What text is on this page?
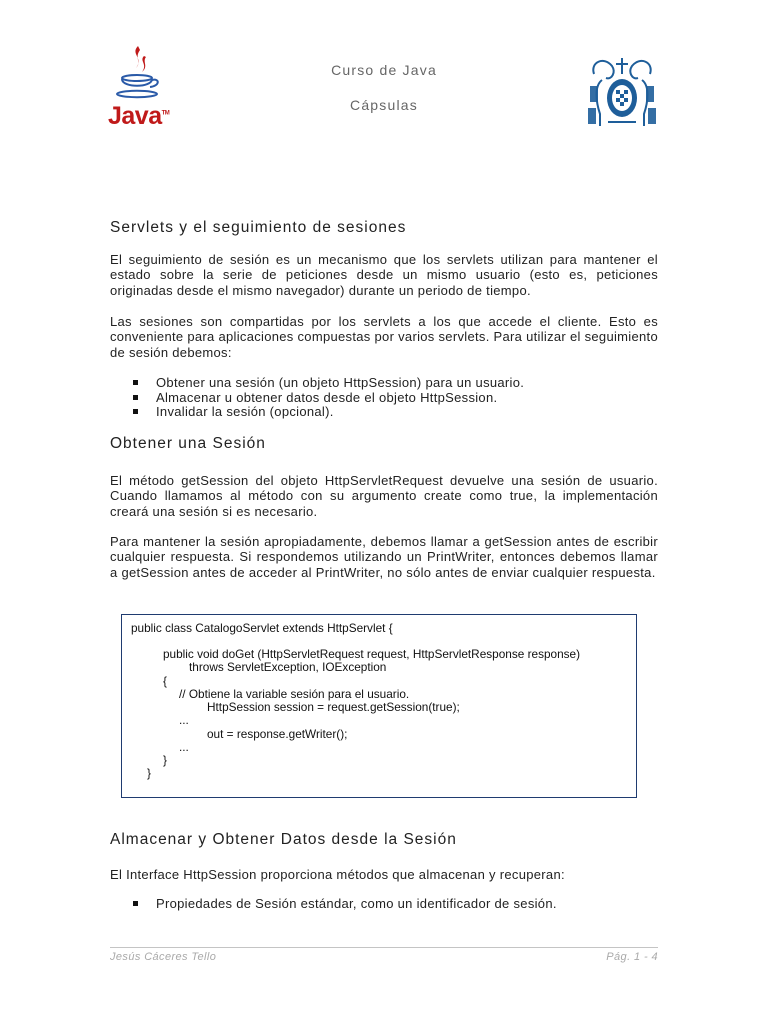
Java™
Curso de Java
Cápsulas
Servlets y el seguimiento de sesiones

El seguimiento de sesión es un mecanismo que los servlets utilizan para mantener el estado sobre la serie de peticiones desde un mismo usuario (esto es, peticiones originadas desde el mismo navegador) durante un periodo de tiempo.

Las sesiones son compartidas por los servlets a los que accede el cliente. Esto es conveniente para aplicaciones compuestas por varios servlets. Para utilizar el seguimiento de sesión debemos:

Obtener una sesión (un objeto HttpSession) para un usuario.
Almacenar u obtener datos desde el objeto HttpSession.
Invalidar la sesión (opcional).
Obtener una Sesión

El método getSession del objeto HttpServletRequest devuelve una sesión de usuario. Cuando llamamos al método con su argumento create como true, la implementación creará una sesión si es necesario.

Para mantener la sesión apropiadamente, debemos llamar a getSession antes de escribir cualquier respuesta. Si respondemos utilizando un PrintWriter, entonces debemos llamar a getSession antes de acceder al PrintWriter, no sólo antes de enviar cualquier respuesta.

public class CatalogoServlet extends HttpServlet {
public void doGet (HttpServletRequest request, HttpServletResponse response)
throws ServletException, IOException
{
// Obtiene la variable sesión para el usuario.
HttpSession session = request.getSession(true);
...
out = response.getWriter();
...
}
}
Almacenar y Obtener Datos desde la Sesión

El Interface HttpSession proporciona métodos que almacenan y recuperan:

Propiedades de Sesión estándar, como un identificador de sesión.
Jesús Cáceres Tello	Pág. 1 - 4
